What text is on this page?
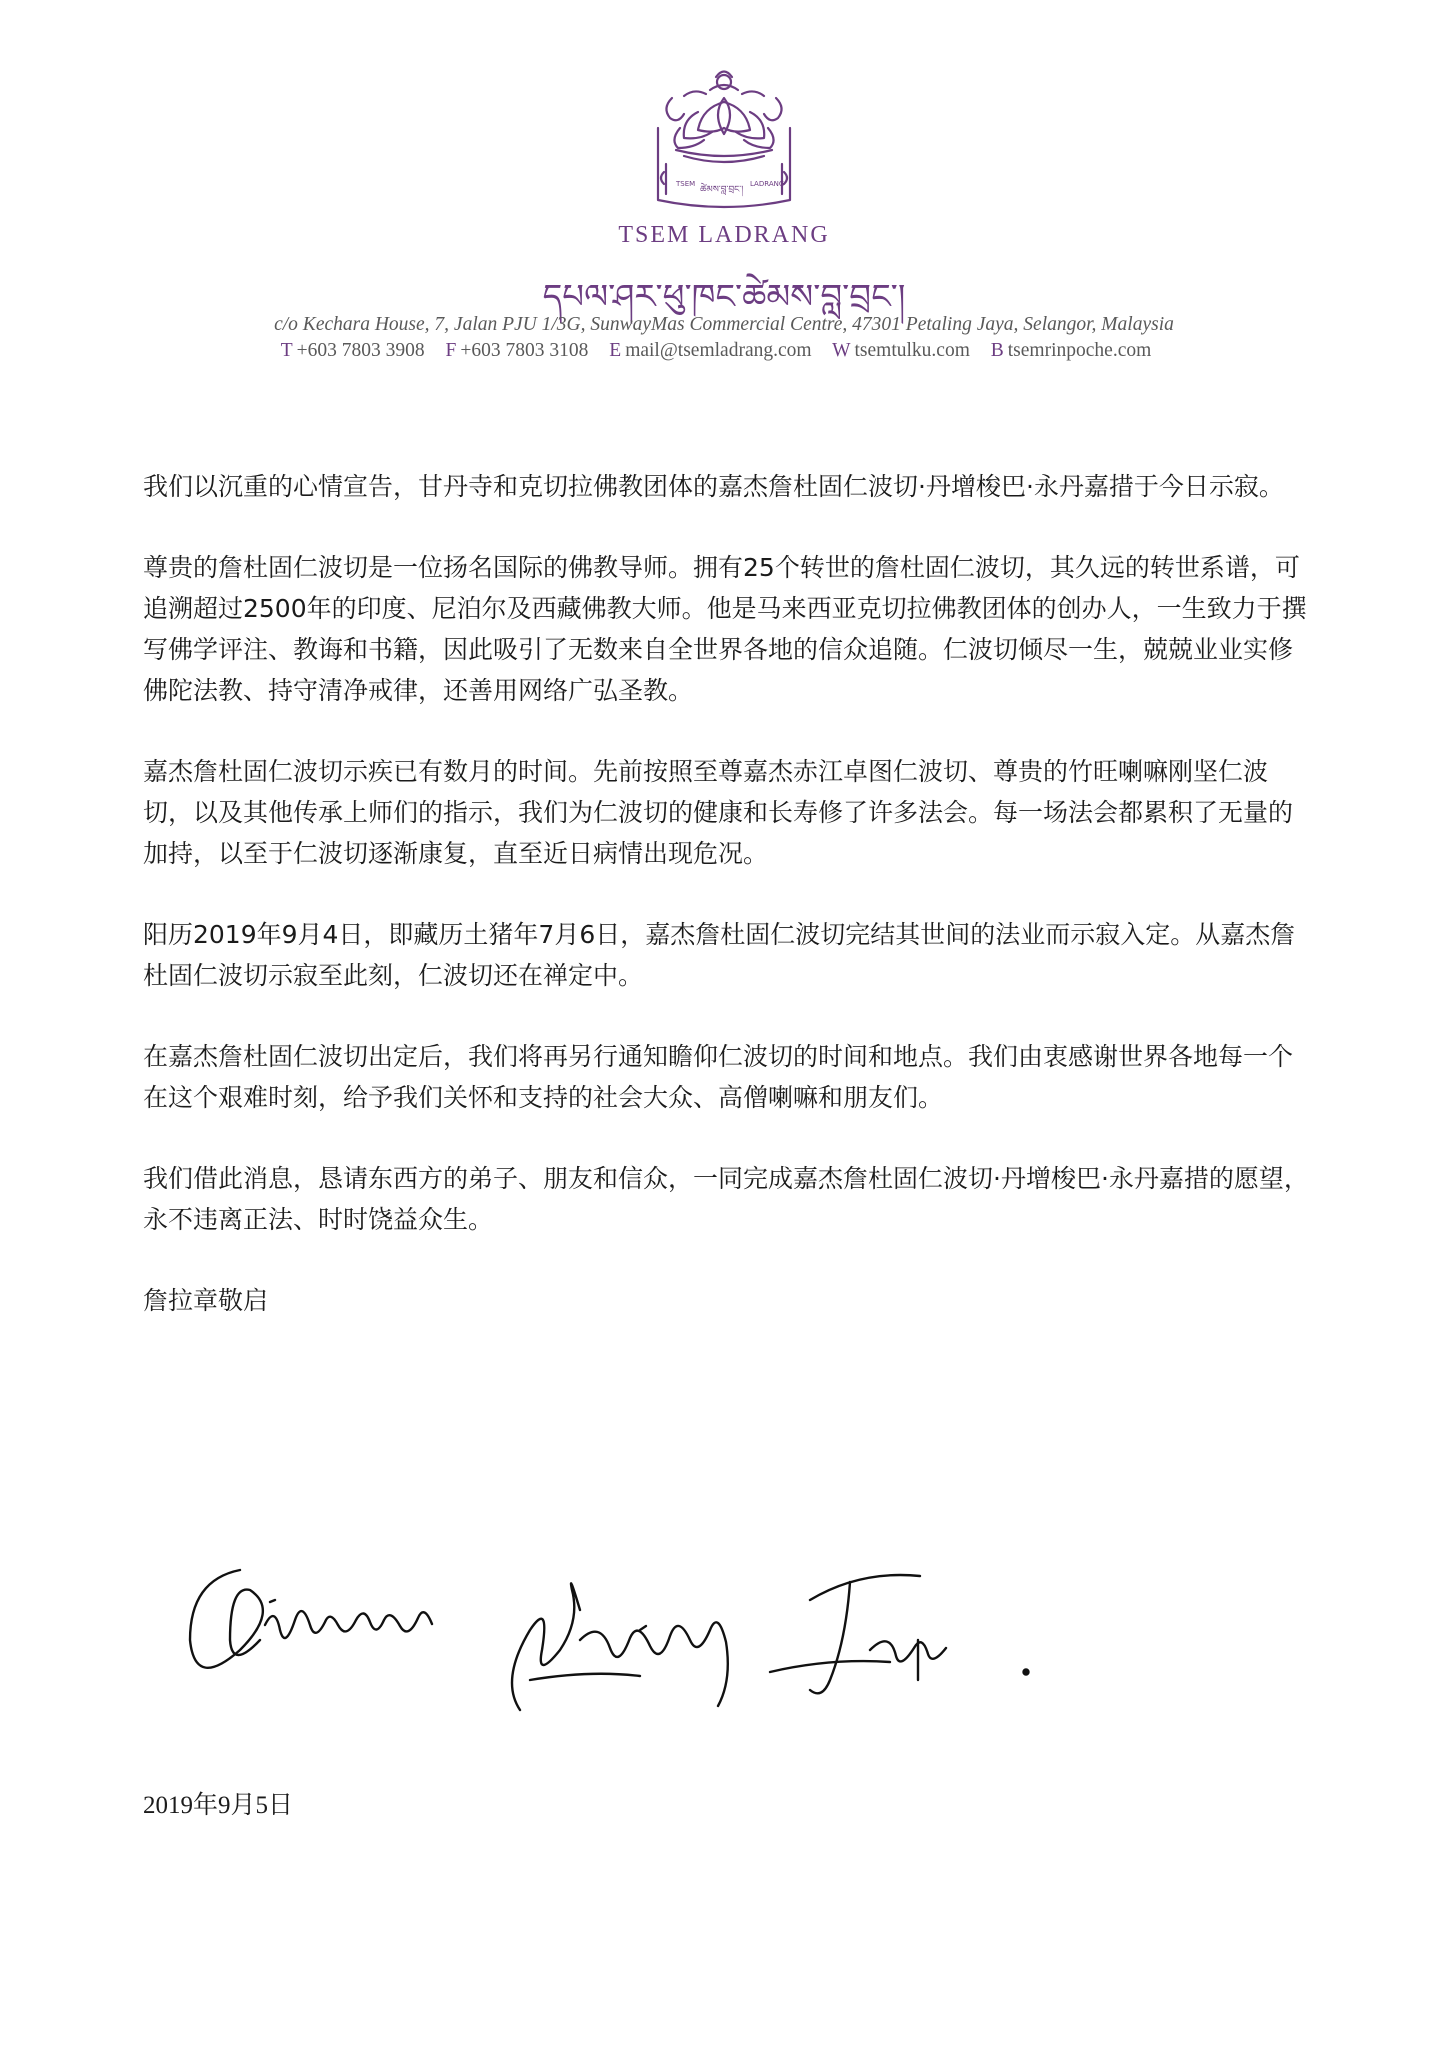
TSEM	LADRANG
ཚེམས་བླ་བྲང་།
TSEM LADRANG
དཔལ་ཤར་ཕུ་ཁང་ཚེམས་བླ་བྲང་།
c/o Kechara House, 7, Jalan PJU 1/3G, SunwayMas Commercial Centre, 47301 Petaling Jaya, Selangor, Malaysia
T +603 7803 3908 F +603 7803 3108 E mail@tsemladrang.com W tsemtulku.com B tsemrinpoche.com

我们以沉重的心情宣告，甘丹寺和克切拉佛教团体的嘉杰詹杜固仁波切·丹增梭巴·永丹嘉措于今日示寂。

尊贵的詹杜固仁波切是一位扬名国际的佛教导师。拥有25个转世的詹杜固仁波切，其久远的转世系谱，可追溯超过2500年的印度、尼泊尔及西藏佛教大师。他是马来西亚克切拉佛教团体的创办人，一生致力于撰写佛学评注、教诲和书籍，因此吸引了无数来自全世界各地的信众追随。仁波切倾尽一生，兢兢业业实修佛陀法教、持守清净戒律，还善用网络广弘圣教。

嘉杰詹杜固仁波切示疾已有数月的时间。先前按照至尊嘉杰赤江卓图仁波切、尊贵的竹旺喇嘛刚坚仁波切，以及其他传承上师们的指示，我们为仁波切的健康和长寿修了许多法会。每一场法会都累积了无量的加持，以至于仁波切逐渐康复，直至近日病情出现危况。

阳历2019年9月4日，即藏历土猪年7月6日，嘉杰詹杜固仁波切完结其世间的法业而示寂入定。从嘉杰詹杜固仁波切示寂至此刻，仁波切还在禅定中。

在嘉杰詹杜固仁波切出定后，我们将再另行通知瞻仰仁波切的时间和地点。我们由衷感谢世界各地每一个在这个艰难时刻，给予我们关怀和支持的社会大众、高僧喇嘛和朋友们。

我们借此消息，恳请东西方的弟子、朋友和信众，一同完成嘉杰詹杜固仁波切·丹增梭巴·永丹嘉措的愿望，永不违离正法、时时饶益众生。

詹拉章敬启

2019年9月5日
